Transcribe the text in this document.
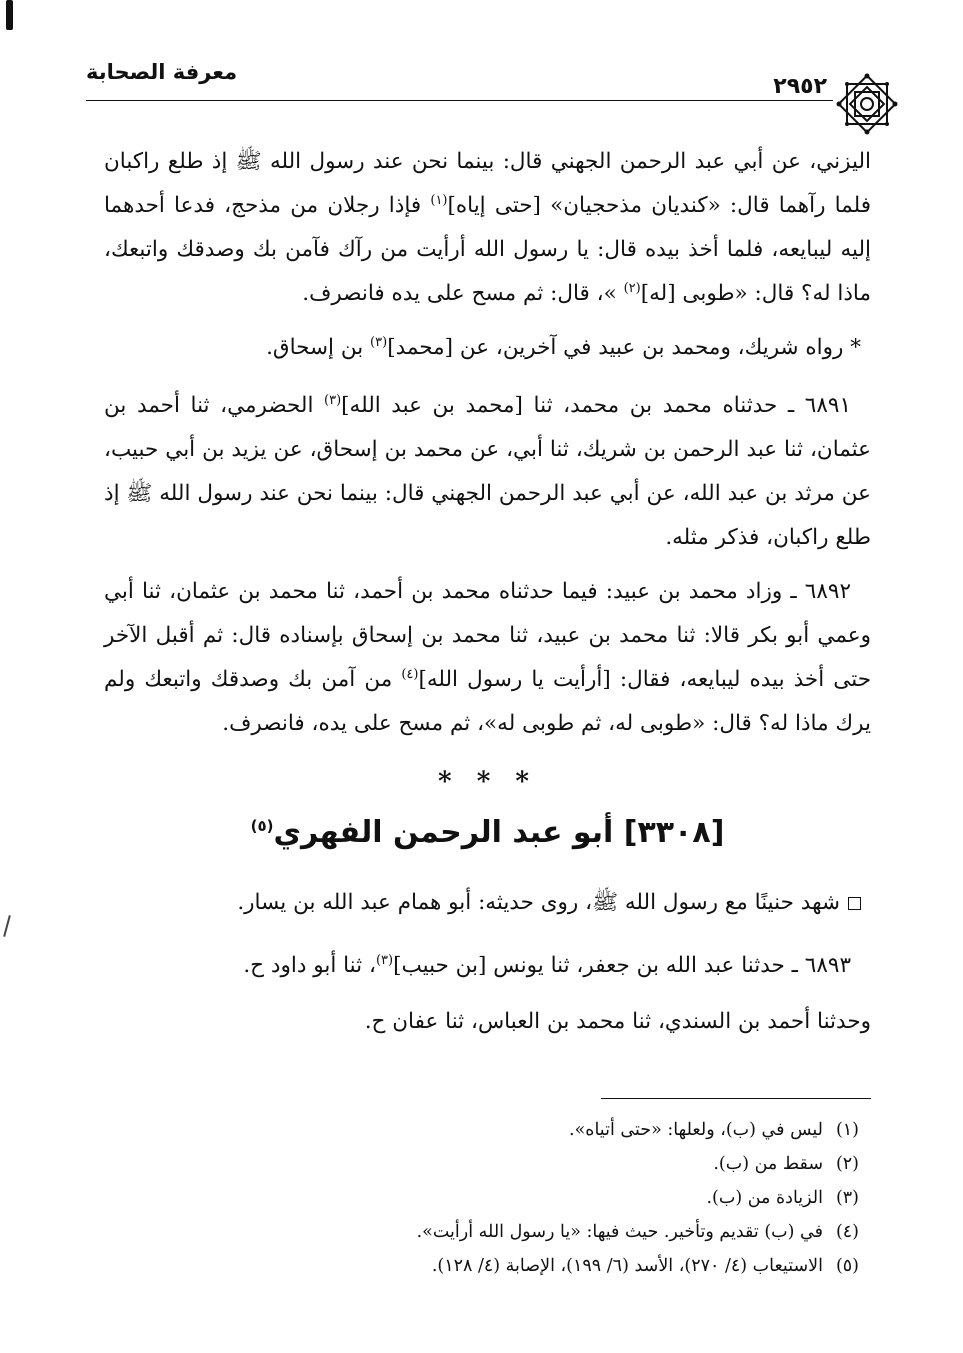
معرفة الصحابة
٢٩٥٢

اليزني، عن أبي عبد الرحمن الجهني قال: بينما نحن عند رسول الله ﷺ إذ طلع راكبان فلما رآهما قال: «كنديان مذحجيان» [حتى إياه]$^{(١)}$ فإذا رجلان من مذحج، فدعا أحدهما إليه ليبايعه، فلما أخذ بيده قال: يا رسول الله أرأيت من رآك فآمن بك وصدقك واتبعك، ماذا له؟ قال: «طوبى [له]$^{(٢)}$ »، قال: ثم مسح على يده فانصرف.

* رواه شريك، ومحمد بن عبيد في آخرين، عن [محمد]$^{(٣)}$ بن إسحاق.

٦٨٩١ ـ حدثناه محمد بن محمد، ثنا [محمد بن عبد الله]$^{(٣)}$ الحضرمي، ثنا أحمد بن عثمان، ثنا عبد الرحمن بن شريك، ثنا أبي، عن محمد بن إسحاق، عن يزيد بن أبي حبيب، عن مرثد بن عبد الله، عن أبي عبد الرحمن الجهني قال: بينما نحن عند رسول الله ﷺ إذ طلع راكبان، فذكر مثله.

٦٨٩٢ ـ وزاد محمد بن عبيد: فيما حدثناه محمد بن أحمد، ثنا محمد بن عثمان، ثنا أبي وعمي أبو بكر قالا: ثنا محمد بن عبيد، ثنا محمد بن إسحاق بإسناده قال: ثم أقبل الآخر حتى أخذ بيده ليبايعه، فقال: [أرأيت يا رسول الله]$^{(٤)}$ من آمن بك وصدقك واتبعك ولم يرك ماذا له؟ قال: «طوبى له، ثم طوبى له»، ثم مسح على يده، فانصرف.

* * *
[٣٣٠٨] أبو عبد الرحمن الفهري$^{(٥)}$

شهد حنينًا مع رسول الله ﷺ، روى حديثه: أبو همام عبد الله بن يسار.

٦٨٩٣ ـ حدثنا عبد الله بن جعفر، ثنا يونس [بن حبيب]$^{(٣)}$، ثنا أبو داود ح.

وحدثنا أحمد بن السندي، ثنا محمد بن العباس، ثنا عفان ح.

(١)ليس في (ب)، ولعلها: «حتى أتياه».
(٢)سقط من (ب).
(٣)الزيادة من (ب).
(٤)في (ب) تقديم وتأخير. حيث فيها: «يا رسول الله أرأيت».
(٥)الاستيعاب (٤/ ٢٧٠)، الأسد (٦/ ١٩٩)، الإصابة (٤/ ١٢٨).
